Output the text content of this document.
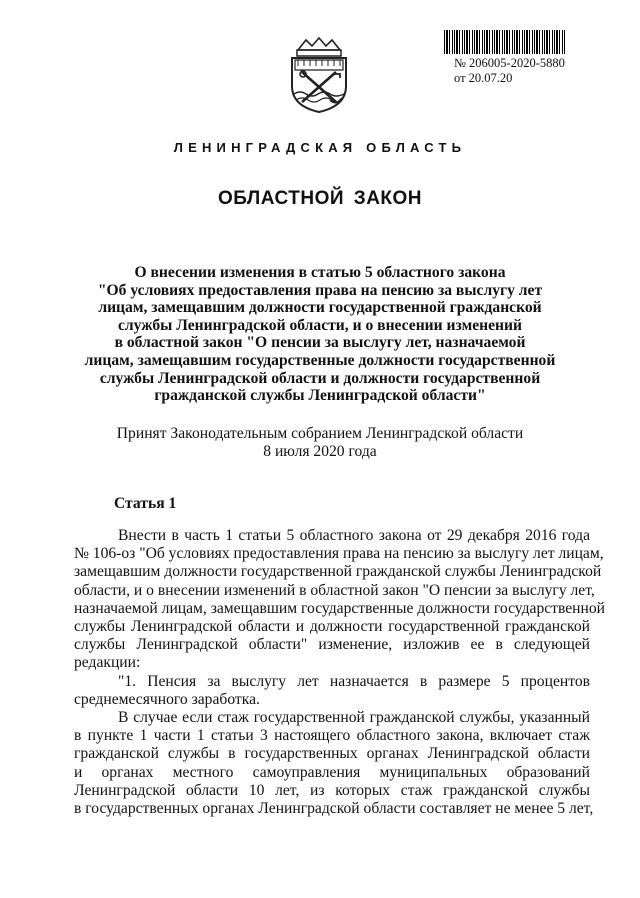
№ 206005-2020-5880
от 20.07.20
ЛЕНИНГРАДСКАЯ ОБЛАСТЬ
ОБЛАСТНОЙ ЗАКОН
О внесении изменения в статью 5 областного закона
"Об условиях предоставления права на пенсию за выслугу лет
лицам, замещавшим должности государственной гражданской
службы Ленинградской области, и о внесении изменений
в областной закон "О пенсии за выслугу лет, назначаемой
лицам, замещавшим государственные должности государственной
службы Ленинградской области и должности государственной
гражданской службы Ленинградской области"
Принят Законодательным собранием Ленинградской области
8 июля 2020 года
Статья 1
Внести в часть 1 статьи 5 областного закона от 29 декабря 2016 года
№ 106-оз "Об условиях предоставления права на пенсию за выслугу лет лицам,
замещавшим должности государственной гражданской службы Ленинградской
области, и о внесении изменений в областной закон "О пенсии за выслугу лет,
назначаемой лицам, замещавшим государственные должности государственной
службы Ленинградской области и должности государственной гражданской
службы Ленинградской области" изменение, изложив ее в следующей
редакции:
"1. Пенсия за выслугу лет назначается в размере 5 процентов
среднемесячного заработка.
В случае если стаж государственной гражданской службы, указанный
в пункте 1 части 1 статьи 3 настоящего областного закона, включает стаж
гражданской службы в государственных органах Ленинградской области
и органах местного самоуправления муниципальных образований
Ленинградской области 10 лет, из которых стаж гражданской службы
в государственных органах Ленинградской области составляет не менее 5 лет,
